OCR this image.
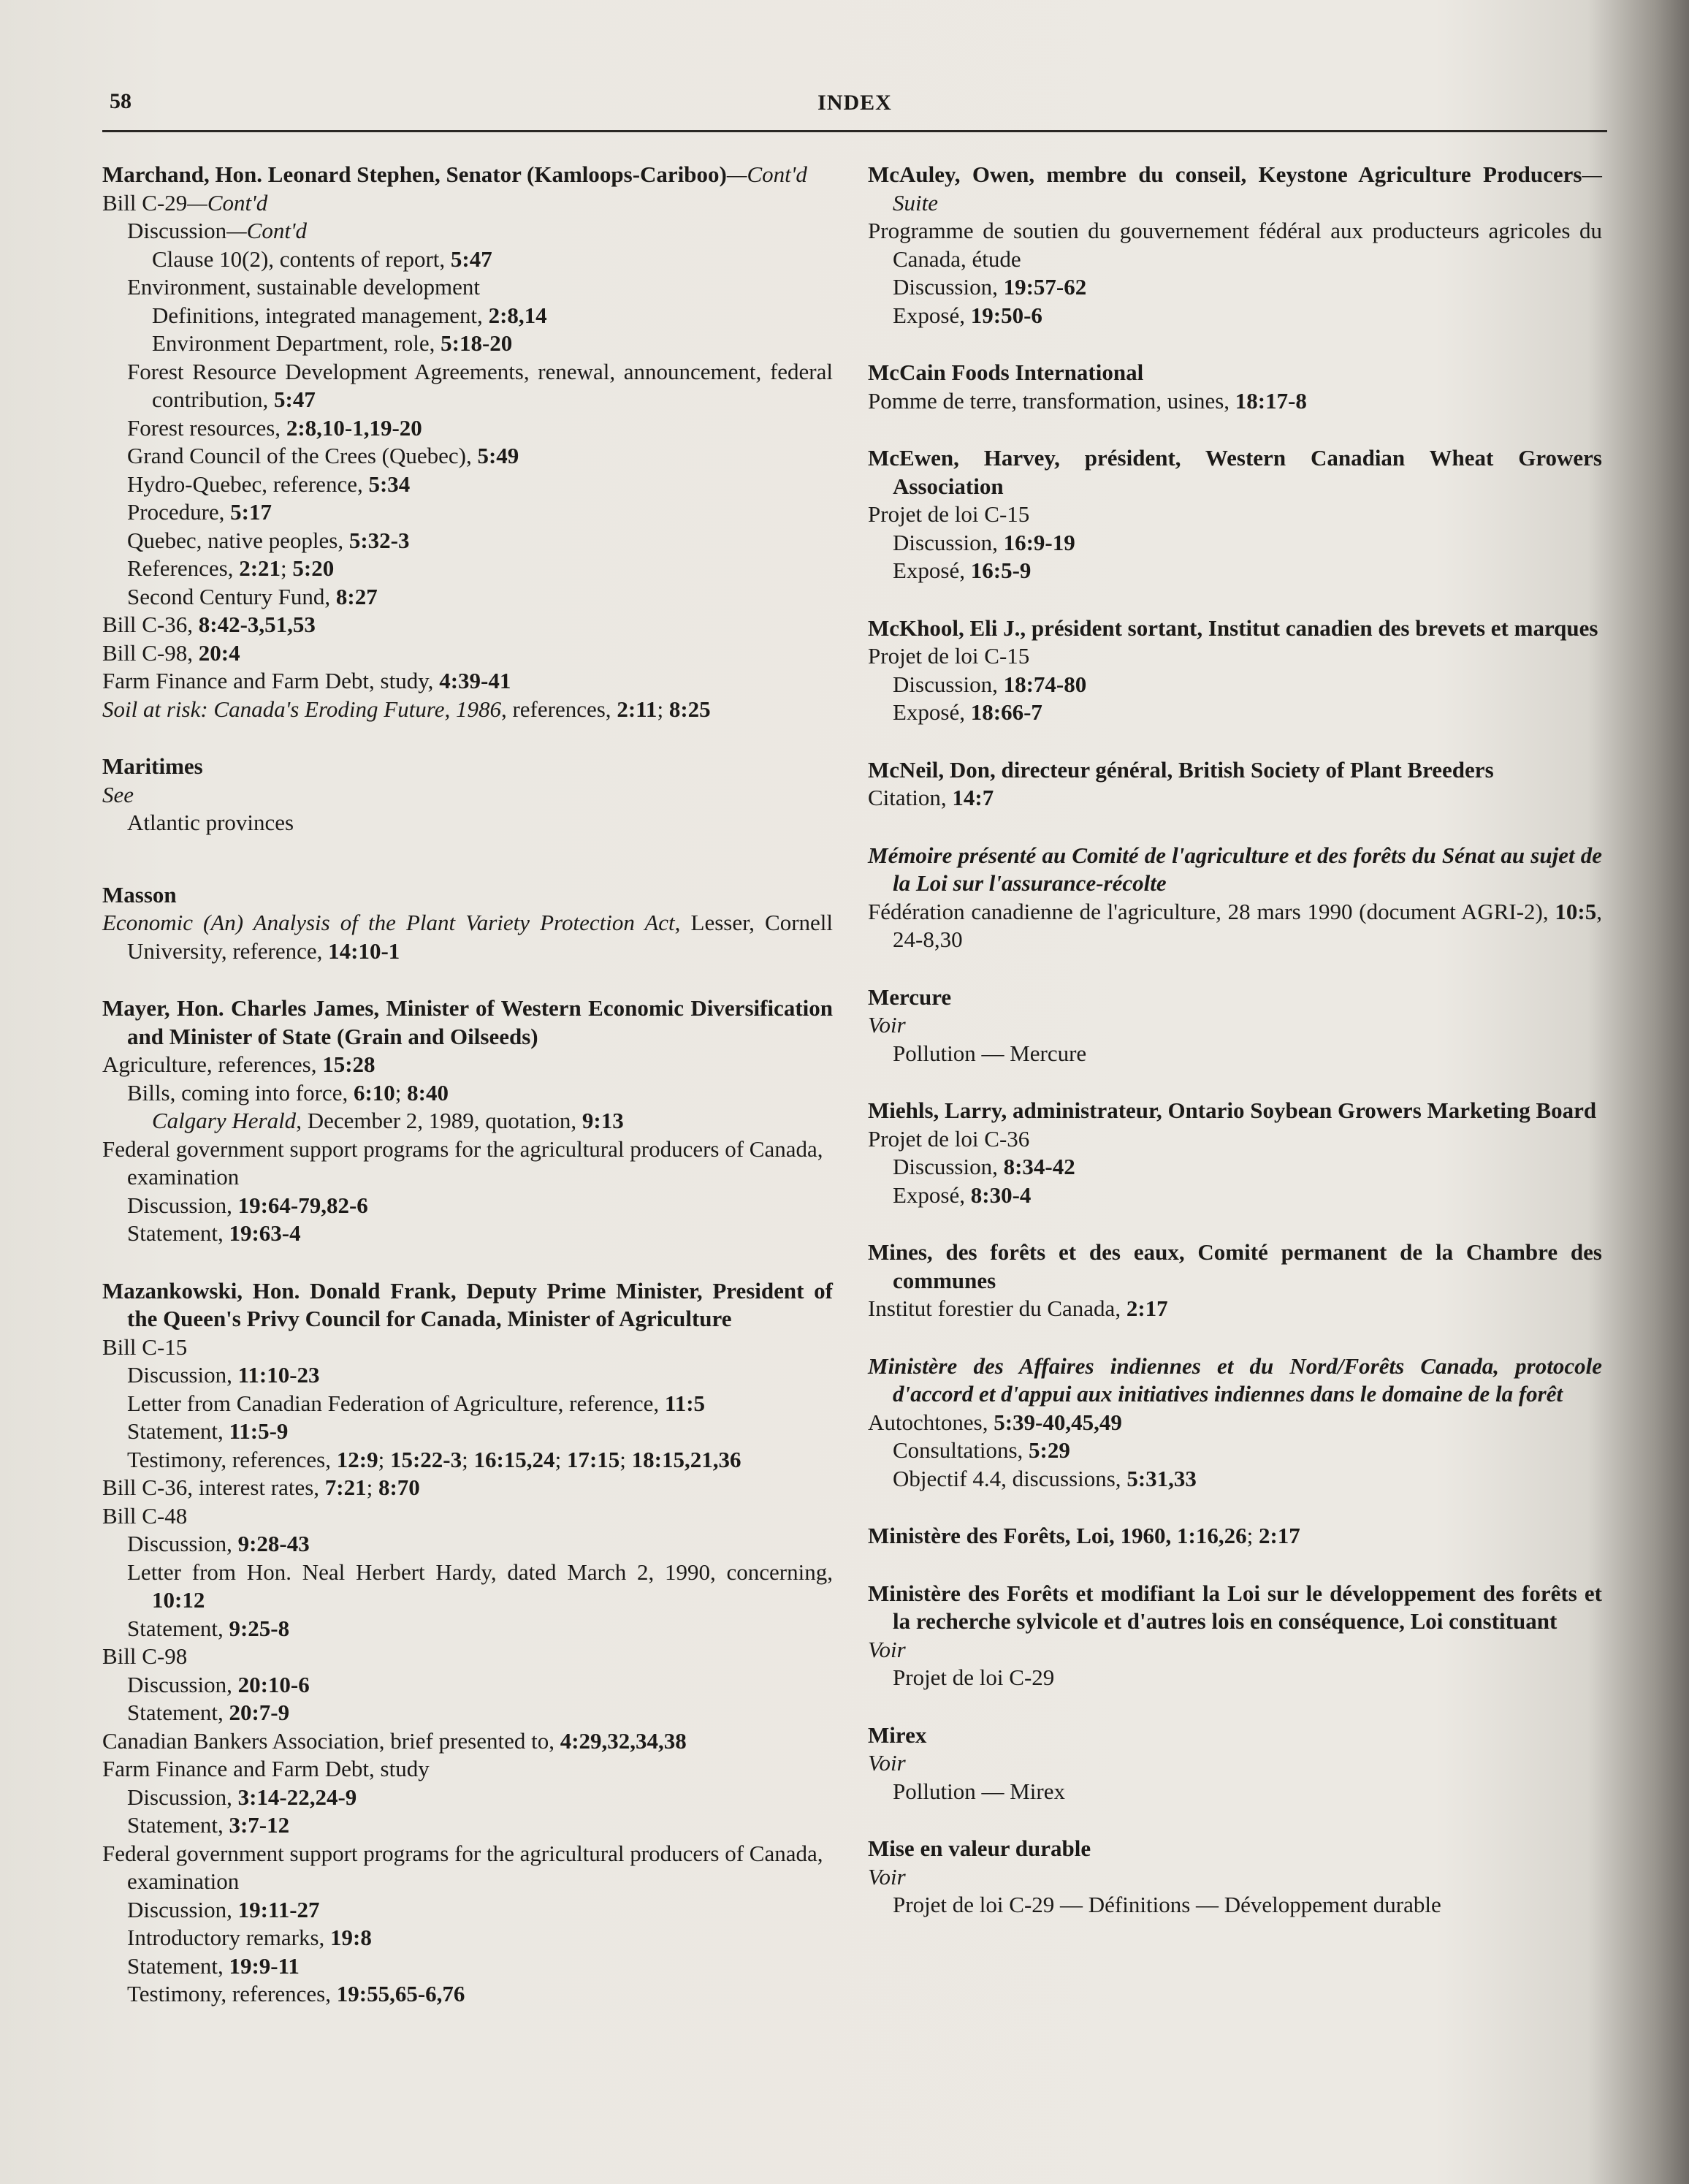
58	INDEX
Marchand, Hon. Leonard Stephen, Senator (Kamloops-Cariboo)—Cont'd
Bill C-29—Cont'd
Discussion—Cont'd
Clause 10(2), contents of report, 5:47
Environment, sustainable development
Definitions, integrated management, 2:8,14
Environment Department, role, 5:18-20
Forest Resource Development Agreements, renewal, announcement, federal contribution, 5:47
Forest resources, 2:8,10-1,19-20
Grand Council of the Crees (Quebec), 5:49
Hydro-Quebec, reference, 5:34
Procedure, 5:17
Quebec, native peoples, 5:32-3
References, 2:21; 5:20
Second Century Fund, 8:27
Bill C-36, 8:42-3,51,53
Bill C-98, 20:4
Farm Finance and Farm Debt, study, 4:39-41
Soil at risk: Canada's Eroding Future, 1986, references, 2:11; 8:25
Maritimes
See
Atlantic provinces
Masson
Economic (An) Analysis of the Plant Variety Protection Act, Lesser, Cornell University, reference, 14:10-1
Mayer, Hon. Charles James, Minister of Western Economic Diversification and Minister of State (Grain and Oilseeds)
Agriculture, references, 15:28
Bills, coming into force, 6:10; 8:40
Calgary Herald, December 2, 1989, quotation, 9:13
Federal government support programs for the agricultural producers of Canada, examination
Discussion, 19:64-79,82-6
Statement, 19:63-4
Mazankowski, Hon. Donald Frank, Deputy Prime Minister, President of the Queen's Privy Council for Canada, Minister of Agriculture
Bill C-15
Discussion, 11:10-23
Letter from Canadian Federation of Agriculture, reference, 11:5
Statement, 11:5-9
Testimony, references, 12:9; 15:22-3; 16:15,24; 17:15; 18:15,21,36
Bill C-36, interest rates, 7:21; 8:70
Bill C-48
Discussion, 9:28-43
Letter from Hon. Neal Herbert Hardy, dated March 2, 1990, concerning, 10:12
Statement, 9:25-8
Bill C-98
Discussion, 20:10-6
Statement, 20:7-9
Canadian Bankers Association, brief presented to, 4:29,32,34,38
Farm Finance and Farm Debt, study
Discussion, 3:14-22,24-9
Statement, 3:7-12
Federal government support programs for the agricultural producers of Canada, examination
Discussion, 19:11-27
Introductory remarks, 19:8
Statement, 19:9-11
Testimony, references, 19:55,65-6,76
McAuley, Owen, membre du conseil, Keystone Agriculture Producers—Suite
Programme de soutien du gouvernement fédéral aux producteurs agricoles du Canada, étude
Discussion, 19:57-62
Exposé, 19:50-6
McCain Foods International
Pomme de terre, transformation, usines, 18:17-8
McEwen, Harvey, président, Western Canadian Wheat Growers Association
Projet de loi C-15
Discussion, 16:9-19
Exposé, 16:5-9
McKhool, Eli J., président sortant, Institut canadien des brevets et marques
Projet de loi C-15
Discussion, 18:74-80
Exposé, 18:66-7
McNeil, Don, directeur général, British Society of Plant Breeders
Citation, 14:7
Mémoire présenté au Comité de l'agriculture et des forêts du Sénat au sujet de la Loi sur l'assurance-récolte
Fédération canadienne de l'agriculture, 28 mars 1990 (document AGRI-2), 10:5, 24-8,30
Mercure
Voir
Pollution — Mercure
Miehls, Larry, administrateur, Ontario Soybean Growers Marketing Board
Projet de loi C-36
Discussion, 8:34-42
Exposé, 8:30-4
Mines, des forêts et des eaux, Comité permanent de la Chambre des communes
Institut forestier du Canada, 2:17
Ministère des Affaires indiennes et du Nord/Forêts Canada, protocole d'accord et d'appui aux initiatives indiennes dans le domaine de la forêt
Autochtones, 5:39-40,45,49
Consultations, 5:29
Objectif 4.4, discussions, 5:31,33
Ministère des Forêts, Loi, 1960, 1:16,26; 2:17
Ministère des Forêts et modifiant la Loi sur le développement des forêts et la recherche sylvicole et d'autres lois en conséquence, Loi constituant
Voir
Projet de loi C-29
Mirex
Voir
Pollution — Mirex
Mise en valeur durable
Voir
Projet de loi C-29 — Définitions — Développement durable
